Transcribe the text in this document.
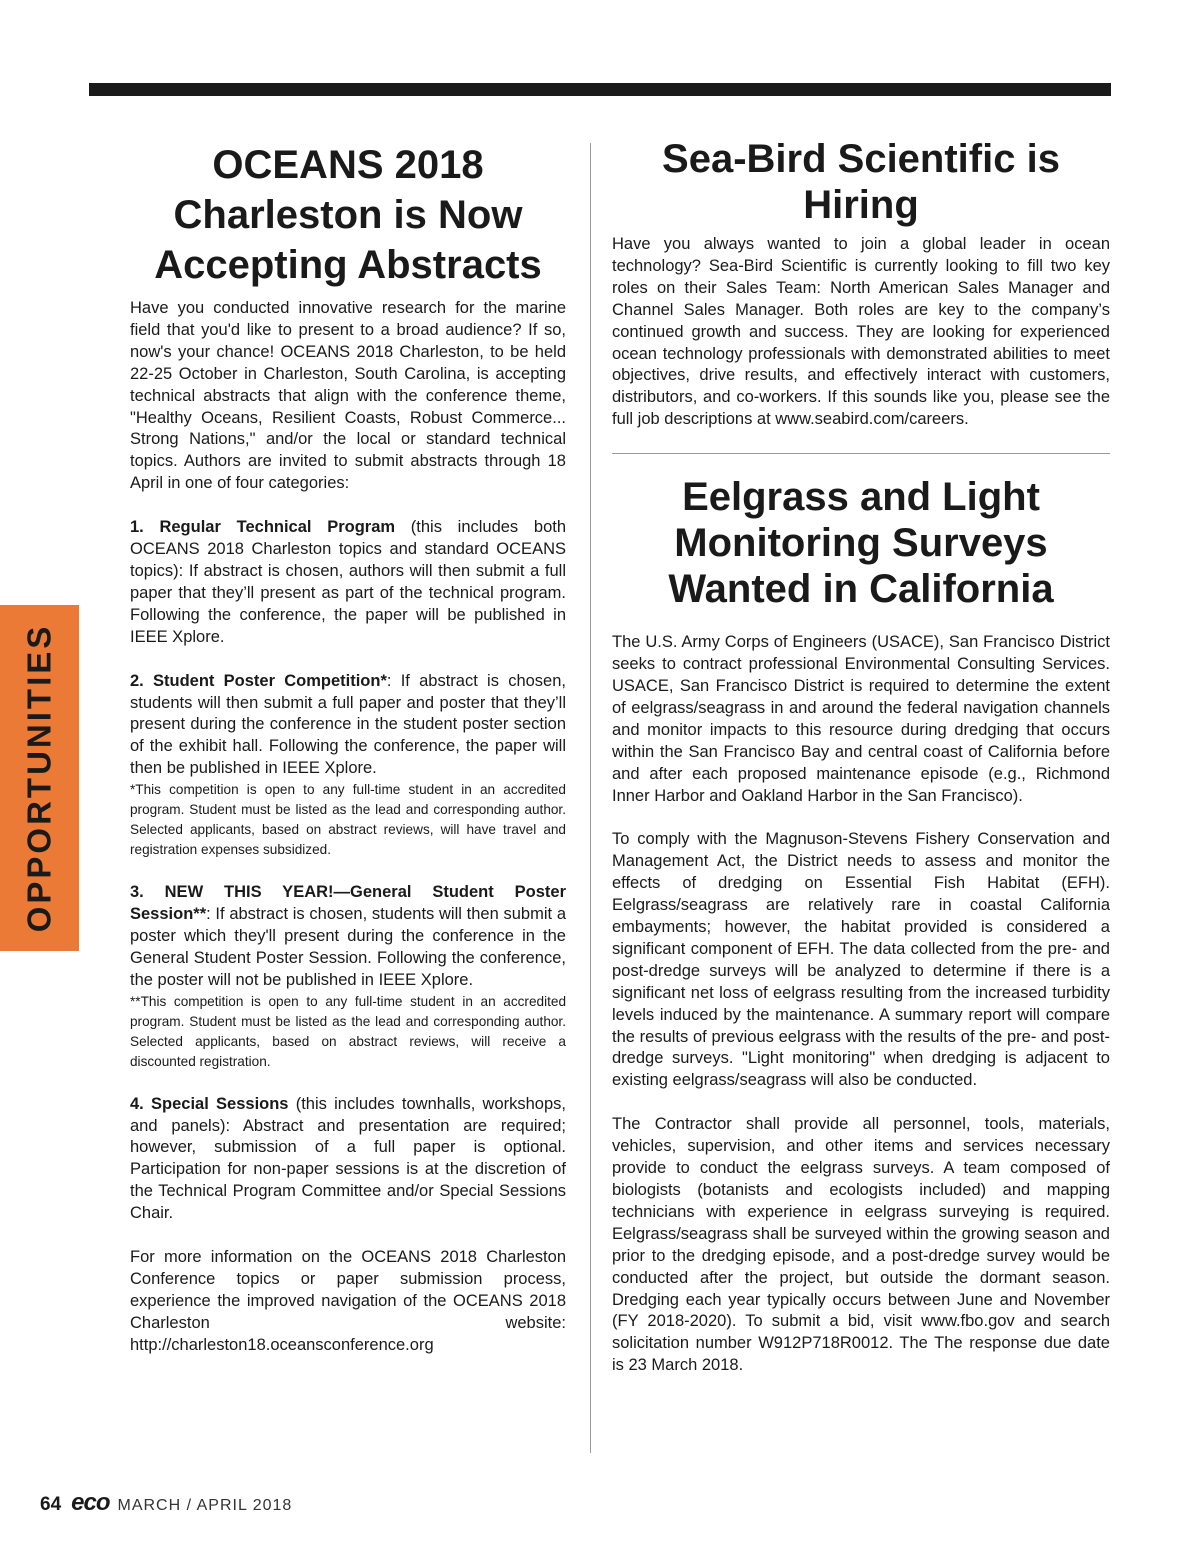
OPPORTUNITIES
OCEANS 2018 Charleston is Now Accepting Abstracts

Have you conducted innovative research for the marine field that you'd like to present to a broad audience? If so, now's your chance! OCEANS 2018 Charleston, to be held 22-25 October in Charleston, South Carolina, is accepting technical abstracts that align with the conference theme, "Healthy Oceans, Resilient Coasts, Robust Commerce... Strong Nations," and/or the local or standard technical topics. Authors are invited to submit abstracts through 18 April in one of four categories:

1. Regular Technical Program (this includes both OCEANS 2018 Charleston topics and standard OCEANS topics): If abstract is chosen, authors will then submit a full paper that they’ll present as part of the technical program. Following the conference, the paper will be published in IEEE Xplore.

2. Student Poster Competition*: If abstract is chosen, students will then submit a full paper and poster that they’ll present during the conference in the student poster section of the exhibit hall. Following the conference, the paper will then be published in IEEE Xplore.

*This competition is open to any full-time student in an accredited program. Student must be listed as the lead and corresponding author. Selected applicants, based on abstract reviews, will have travel and registration expenses subsidized.

3. NEW THIS YEAR!—General Student Poster Session**: If abstract is chosen, students will then submit a poster which they'll present during the conference in the General Student Poster Session. Following the conference, the poster will not be published in IEEE Xplore.

**This competition is open to any full-time student in an accredited program. Student must be listed as the lead and corresponding author. Selected applicants, based on abstract reviews, will receive a discounted registration.

4. Special Sessions (this includes townhalls, workshops, and panels): Abstract and presentation are required; however, submission of a full paper is optional. Participation for non-paper sessions is at the discretion of the Technical Program Committee and/or Special Sessions Chair.

For more information on the OCEANS 2018 Charleston Conference topics or paper submission process, experience the improved navigation of the OCEANS 2018 Charleston website: http://charleston18.oceansconference.org

Sea-Bird Scientific is Hiring

Have you always wanted to join a global leader in ocean technology? Sea-Bird Scientific is currently looking to fill two key roles on their Sales Team: North American Sales Manager and Channel Sales Manager. Both roles are key to the company’s continued growth and success. They are looking for experienced ocean technology professionals with demonstrated abilities to meet objectives, drive results, and effectively interact with customers, distributors, and co-workers. If this sounds like you, please see the full job descriptions at www.seabird.com/careers.

Eelgrass and Light Monitoring Surveys Wanted in California

The U.S. Army Corps of Engineers (USACE), San Francisco District seeks to contract professional Environmental Consulting Services. USACE, San Francisco District is required to determine the extent of eelgrass/seagrass in and around the federal navigation channels and monitor impacts to this resource during dredging that occurs within the San Francisco Bay and central coast of California before and after each proposed maintenance episode (e.g., Richmond Inner Harbor and Oakland Harbor in the San Francisco).

To comply with the Magnuson-Stevens Fishery Conservation and Management Act, the District needs to assess and monitor the effects of dredging on Essential Fish Habitat (EFH). Eelgrass/seagrass are relatively rare in coastal California embayments; however, the habitat provided is considered a significant component of EFH. The data collected from the pre- and post-dredge surveys will be analyzed to determine if there is a significant net loss of eelgrass resulting from the increased turbidity levels induced by the maintenance. A summary report will compare the results of previous eelgrass with the results of the pre- and post-dredge surveys. "Light monitoring" when dredging is adjacent to existing eelgrass/seagrass will also be conducted.

The Contractor shall provide all personnel, tools, materials, vehicles, supervision, and other items and services necessary provide to conduct the eelgrass surveys. A team composed of biologists (botanists and ecologists included) and mapping technicians with experience in eelgrass surveying is required. Eelgrass/seagrass shall be surveyed within the growing season and prior to the dredging episode, and a post-dredge survey would be conducted after the project, but outside the dormant season. Dredging each year typically occurs between June and November (FY 2018-2020). To submit a bid, visit www.fbo.gov and search solicitation number W912P718R0012. The The response due date is 23 March 2018.

64 eco MARCH / APRIL 2018
